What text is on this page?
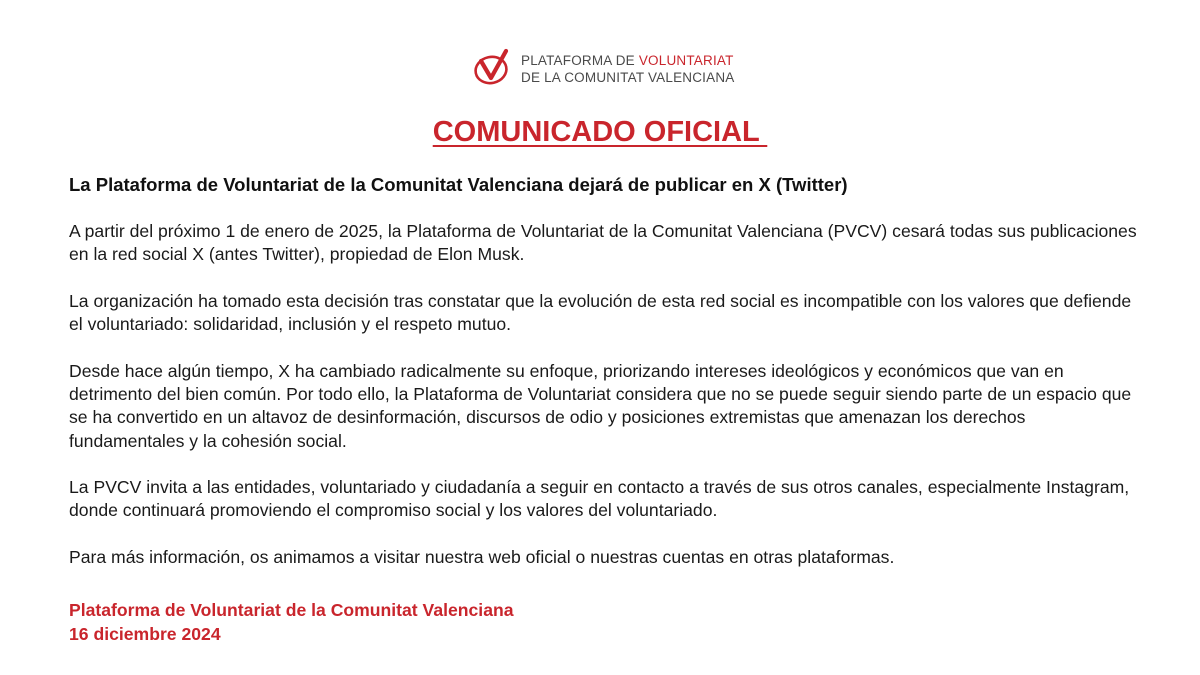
PLATAFORMA DE VOLUNTARIAT
DE LA COMUNITAT VALENCIANA
COMUNICADO OFICIAL
La Plataforma de Voluntariat de la Comunitat Valenciana dejará de publicar en X (Twitter)
A partir del próximo 1 de enero de 2025, la Plataforma de Voluntariat de la Comunitat Valenciana (PVCV) cesará todas sus publicaciones en la red social X (antes Twitter), propiedad de Elon Musk.
La organización ha tomado esta decisión tras constatar que la evolución de esta red social es incompatible con los valores que defiende el voluntariado: solidaridad, inclusión y el respeto mutuo.
Desde hace algún tiempo, X ha cambiado radicalmente su enfoque, priorizando intereses ideológicos y económicos que van en detrimento del bien común. Por todo ello, la Plataforma de Voluntariat considera que no se puede seguir siendo parte de un espacio que se ha convertido en un altavoz de desinformación, discursos de odio y posiciones extremistas que amenazan los derechos fundamentales y la cohesión social.
La PVCV invita a las entidades, voluntariado y ciudadanía a seguir en contacto a través de sus otros canales, especialmente Instagram, donde continuará promoviendo el compromiso social y los valores del voluntariado.
Para más información, os animamos a visitar nuestra web oficial o nuestras cuentas en otras plataformas.
Plataforma de Voluntariat de la Comunitat Valenciana
16 diciembre 2024
